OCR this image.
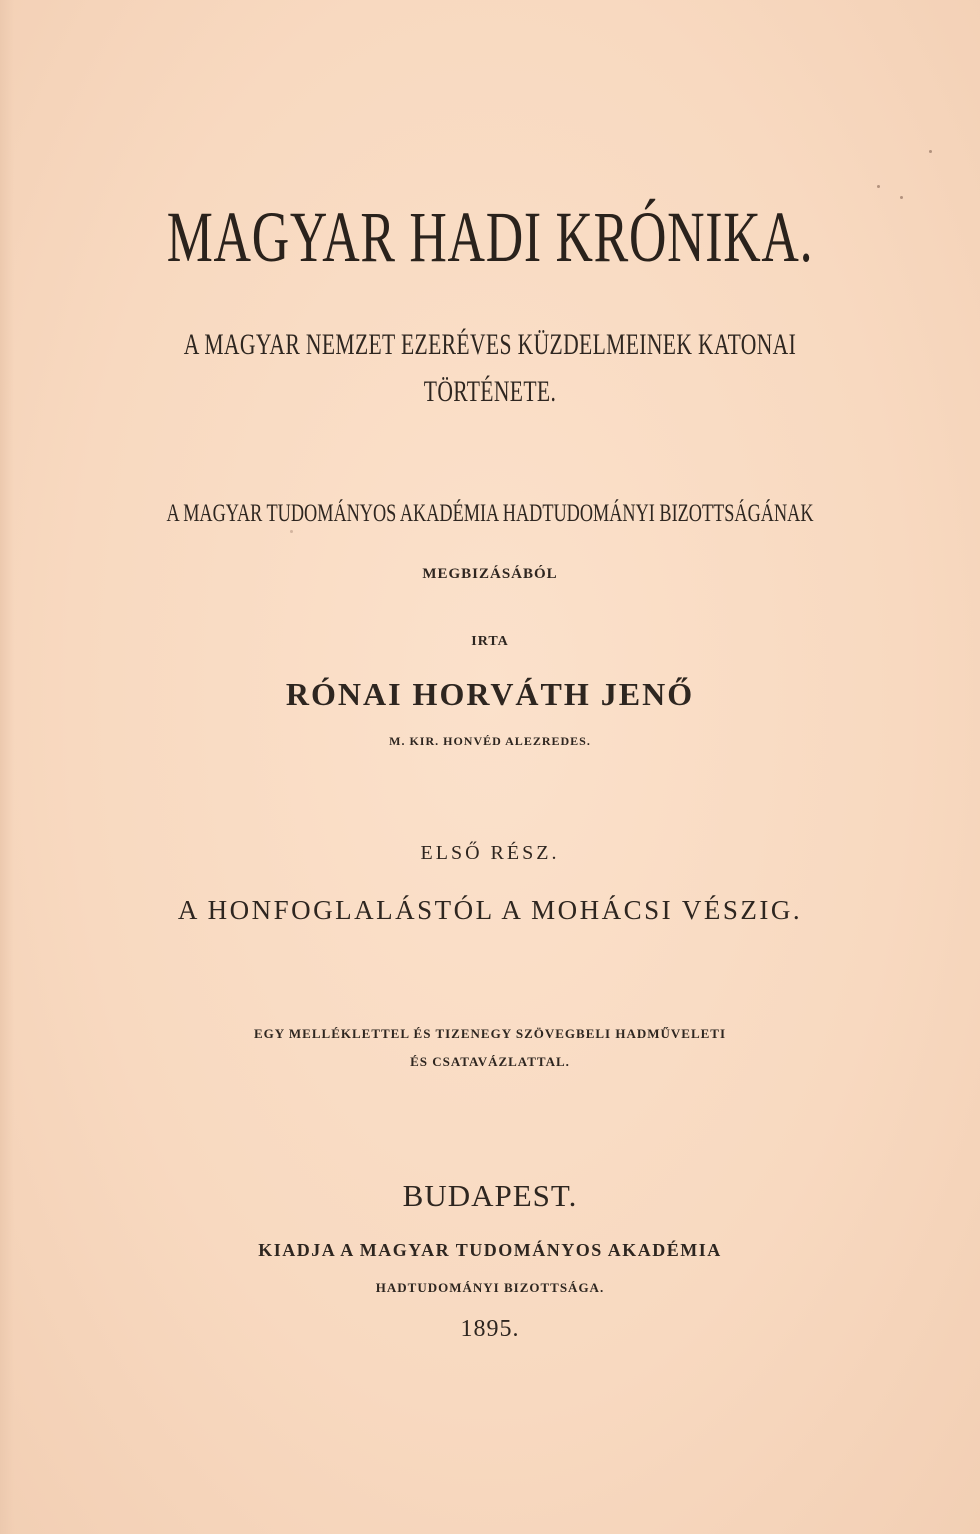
MAGYAR HADI KRÓNIKA.
A MAGYAR NEMZET EZERÉVES KÜZDELMEINEK KATONAI
TÖRTÉNETE.
A MAGYAR TUDOMÁNYOS AKADÉMIA HADTUDOMÁNYI BIZOTTSÁGÁNAK
MEGBIZÁSÁBÓL
IRTA
RÓNAI HORVÁTH JENŐ
M. KIR. HONVÉD ALEZREDES.
ELSŐ RÉSZ.
A HONFOGLALÁSTÓL A MOHÁCSI VÉSZIG.
EGY MELLÉKLETTEL ÉS TIZENEGY SZÖVEGBELI HADMŰVELETI
ÉS CSATAVÁZLATTAL.
BUDAPEST.
KIADJA A MAGYAR TUDOMÁNYOS AKADÉMIA
HADTUDOMÁNYI BIZOTTSÁGA.
1895.
